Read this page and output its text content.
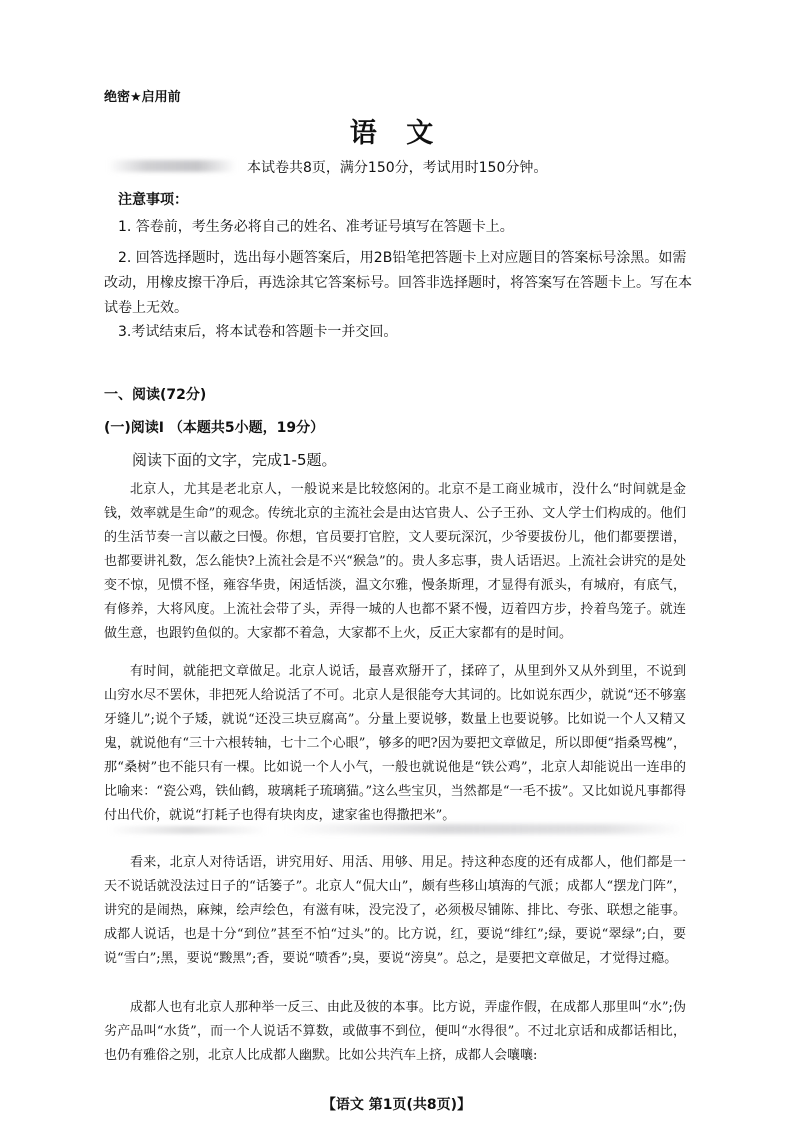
绝密★启用前
语 文
本试卷共8页，满分150分，考试用时150分钟。
注意事项：
1. 答卷前，考生务必将自己的姓名、准考证号填写在答题卡上。
2. 回答选择题时，选出每小题答案后，用2B铅笔把答题卡上对应题目的答案标号涂黑。如需改动，用橡皮擦干净后，再选涂其它答案标号。回答非选择题时，将答案写在答题卡上。写在本试卷上无效。
3.考试结束后，将本试卷和答题卡一并交回。
一、阅读(72分)
(一)阅读I （本题共5小题，19分）
阅读下面的文字，完成1-5题。
北京人，尤其是老北京人，一般说来是比较悠闲的。北京不是工商业城市，没什么“时间就是金钱，效率就是生命”的观念。传统北京的主流社会是由达官贵人、公子王孙、文人学士们构成的。他们的生活节奏一言以蔽之曰慢。你想，官员要打官腔，文人要玩深沉，少爷要拔份儿，他们都要摆谱，也都要讲礼数，怎么能快?上流社会是不兴“猴急”的。贵人多忘事，贵人话语迟。上流社会讲究的是处变不惊，见惯不怪，雍容华贵，闲适恬淡，温文尔雅，慢条斯理，才显得有派头，有城府，有底气，有修养，大将风度。上流社会带了头，弄得一城的人也都不紧不慢，迈着四方步，拎着鸟笼子。就连做生意，也跟钓鱼似的。大家都不着急，大家都不上火，反正大家都有的是时间。
有时间，就能把文章做足。北京人说话，最喜欢掰开了，揉碎了，从里到外又从外到里，不说到山穷水尽不罢休，非把死人给说活了不可。北京人是很能夸大其词的。比如说东西少，就说“还不够塞牙缝儿”;说个子矮，就说“还没三块豆腐高”。分量上要说够，数量上也要说够。比如说一个人又精又鬼，就说他有“三十六根转轴，七十二个心眼”，够多的吧?因为要把文章做足，所以即便“指桑骂槐”，那“桑树”也不能只有一棵。比如说一个人小气，一般也就说他是“铁公鸡”，北京人却能说出一连串的比喻来：“瓷公鸡，铁仙鹤，玻璃耗子琉璃猫。”这么些宝贝，当然都是“一毛不拔”。又比如说凡事都得付出代价，就说“打耗子也得有块肉皮，逮家雀也得撒把米”。
看来，北京人对待话语，讲究用好、用活、用够、用足。持这种态度的还有成都人，他们都是一天不说话就没法过日子的“话篓子”。北京人“侃大山”，颇有些移山填海的气派；成都人“摆龙门阵”，讲究的是闹热，麻辣，绘声绘色，有滋有味，没完没了，必须极尽铺陈、排比、夸张、联想之能事。成都人说话，也是十分“到位”甚至不怕“过头”的。比方说，红，要说“绯红”;绿，要说“翠绿”;白，要说“雪白”;黑，要说“黢黑”;香，要说“喷香”;臭，要说“滂臭”。总之，是要把文章做足，才觉得过瘾。
成都人也有北京人那种举一反三、由此及彼的本事。比方说，弄虚作假，在成都人那里叫“水”;伪劣产品叫“水货”，而一个人说话不算数，或做事不到位，便叫“水得很”。不过北京话和成都话相比，也仍有雅俗之别，北京人比成都人幽默。比如公共汽车上挤，成都人会嚷嚷:
【语文 第1页(共8页)】
